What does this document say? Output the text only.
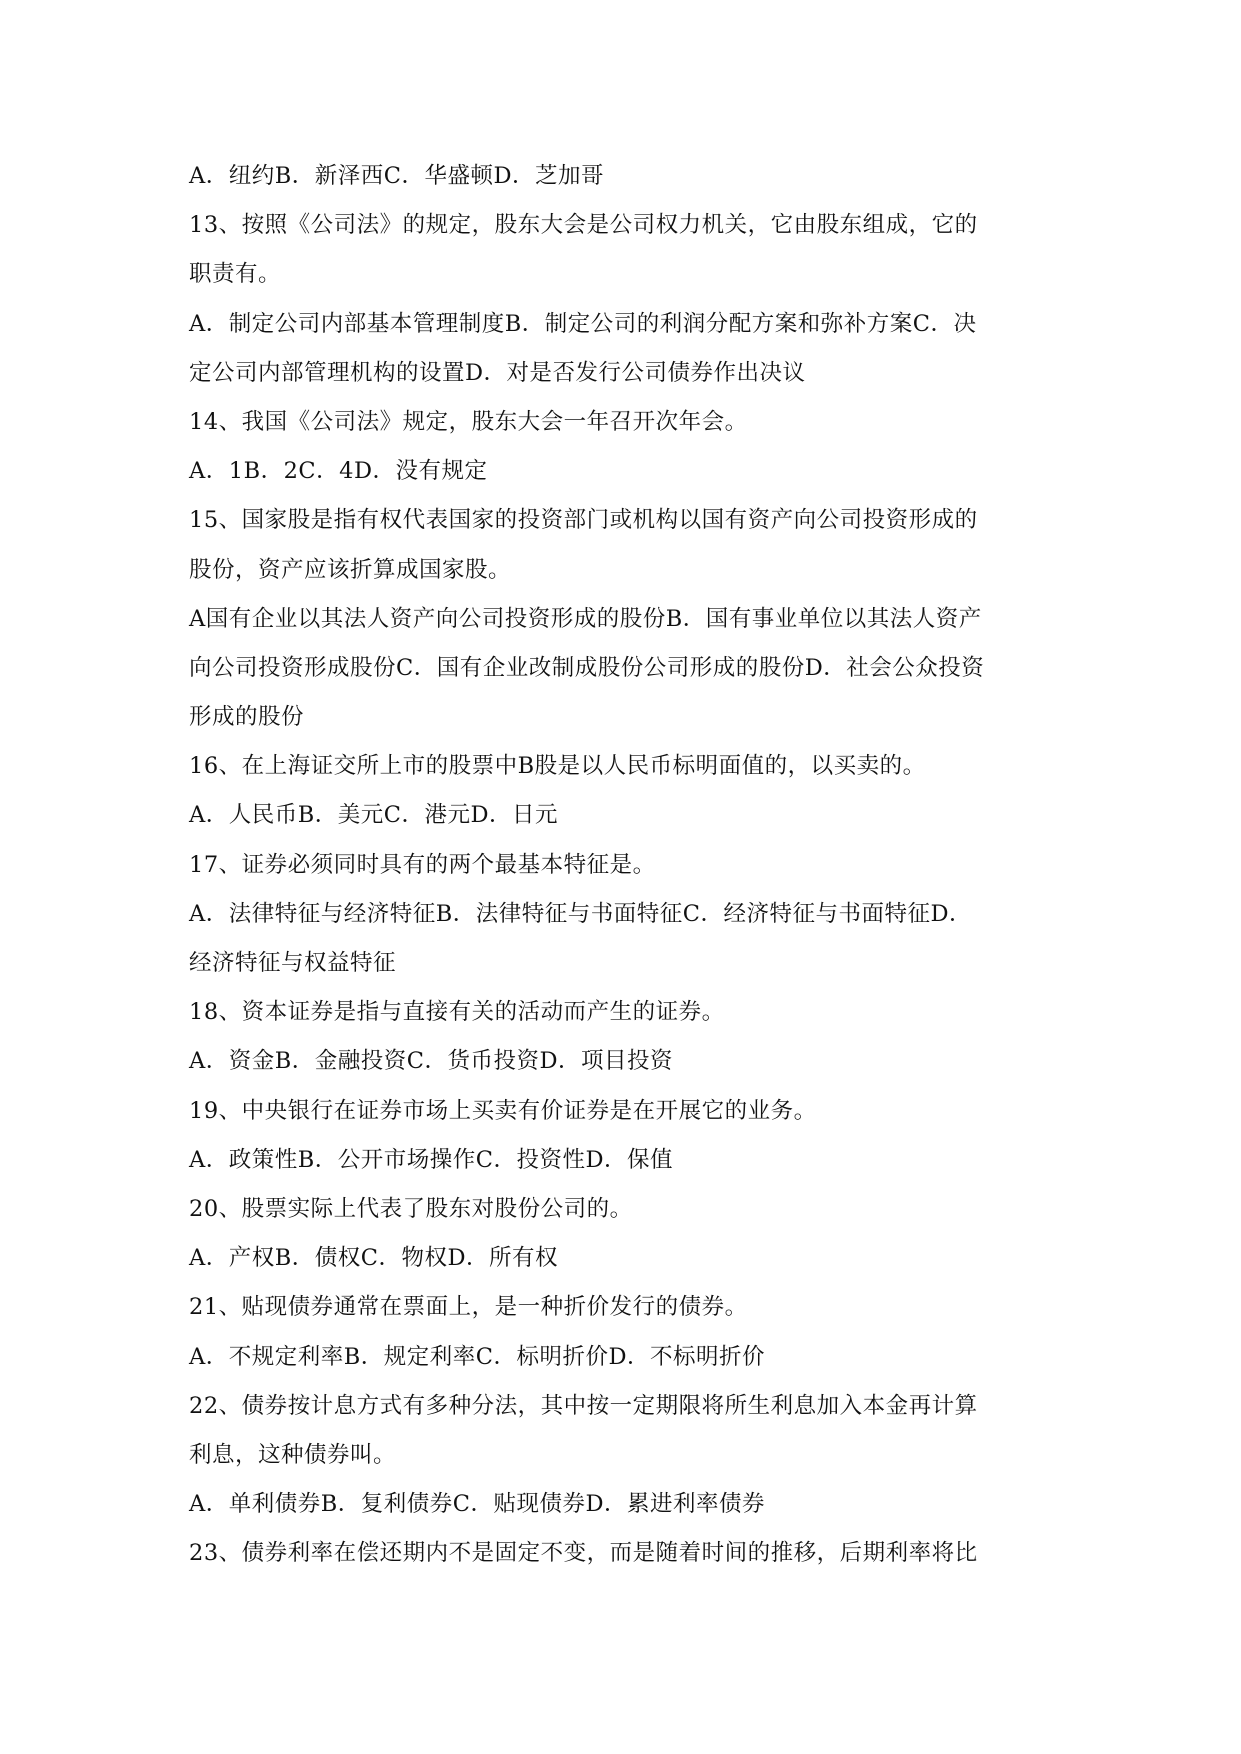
A．纽约B．新泽西C．华盛顿D．芝加哥
13、按照《公司法》的规定，股东大会是公司权力机关，它由股东组成，它的
职责有。
A．制定公司内部基本管理制度B．制定公司的利润分配方案和弥补方案C．决
定公司内部管理机构的设置D．对是否发行公司债券作出决议
14、我国《公司法》规定，股东大会一年召开次年会。
A．1B．2C．4D．没有规定
15、国家股是指有权代表国家的投资部门或机构以国有资产向公司投资形成的
股份，资产应该折算成国家股。
A国有企业以其法人资产向公司投资形成的股份B．国有事业单位以其法人资产
向公司投资形成股份C．国有企业改制成股份公司形成的股份D．社会公众投资
形成的股份
16、在上海证交所上市的股票中B股是以人民币标明面值的，以买卖的。
A．人民币B．美元C．港元D．日元
17、证券必须同时具有的两个最基本特征是。
A．法律特征与经济特征B．法律特征与书面特征C．经济特征与书面特征D．
经济特征与权益特征
18、资本证券是指与直接有关的活动而产生的证券。
A．资金B．金融投资C．货币投资D．项目投资
19、中央银行在证券市场上买卖有价证券是在开展它的业务。
A．政策性B．公开市场操作C．投资性D．保值
20、股票实际上代表了股东对股份公司的。
A．产权B．债权C．物权D．所有权
21、贴现债券通常在票面上，是一种折价发行的债券。
A．不规定利率B．规定利率C．标明折价D．不标明折价
22、债券按计息方式有多种分法，其中按一定期限将所生利息加入本金再计算
利息，这种债券叫。
A．单利债券B．复利债券C．贴现债券D．累进利率债券
23、债券利率在偿还期内不是固定不变，而是随着时间的推移，后期利率将比
